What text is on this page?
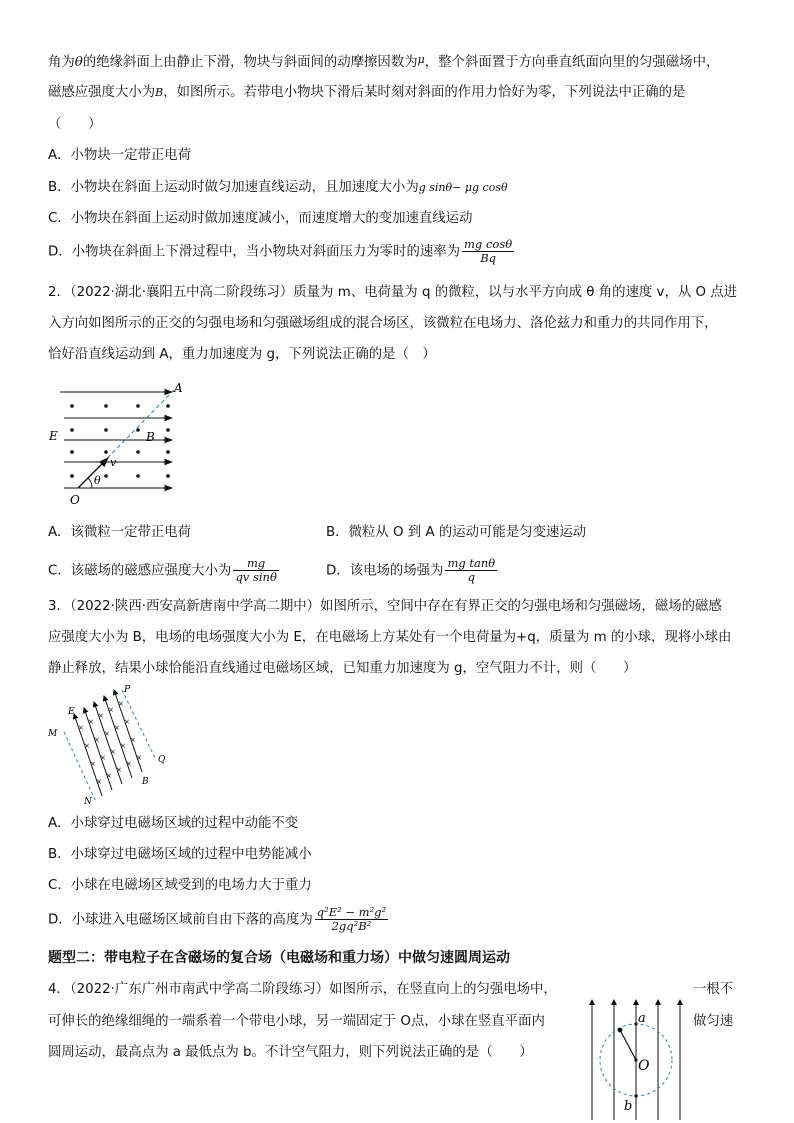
角为θ的绝缘斜面上由静止下滑，物块与斜面间的动摩擦因数为$^\mu$，整个斜面置于方向垂直纸面向里的匀强磁场中，
磁感应强度大小为B，如图所示。若带电小物块下滑后某时刻对斜面的作用力恰好为零，下列说法中正确的是
（　　）
A．小物块一定带正电荷
B．小物块在斜面上运动时做匀加速直线运动，且加速度大小为g sinθ− μg cosθ
C．小物块在斜面上运动时做加速度减小，而速度增大的变加速直线运动
D．小物块在斜面上下滑过程中，当小物块对斜面压力为零时的速率为 $\frac{\text{mg cosθ}}{Bq}$
2．（2022·湖北·襄阳五中高二阶段练习）质量为 m、电荷量为 q 的微粒，以与水平方向成 θ 角的速度 v，从 O 点进
入方向如图所示的正交的匀强电场和匀强磁场组成的混合场区，该微粒在电场力、洛伦兹力和重力的共同作用下，
恰好沿直线运动到 A，重力加速度为 g，下列说法正确的是（　）
A
E	B
v
θ
O
A．该微粒一定带正电荷	B．微粒从 O 到 A 的运动可能是匀变速运动
C．该磁场的磁感应强度大小为 $\frac{mg}{\text{qv sinθ}}$	D．该电场的场强为 $\frac{\text{mg tanθ}}{q}$
3．（2022·陕西·西安高新唐南中学高二期中）如图所示，空间中存在有界正交的匀强电场和匀强磁场，磁场的磁感
应强度大小为 B，电场的电场强度大小为 E，在电磁场上方某处有一个电荷量为+q，质量为 m 的小球，现将小球由
静止释放，结果小球恰能沿直线通过电磁场区域，已知重力加速度为 g，空气阻力不计，则（　　）
×
×
×
×
×
×
×
×
×
×
×
×
×
×
×
×
×
×
×
×
P
E
M
Q
B
N
A．小球穿过电磁场区域的过程中动能不变
B．小球穿过电磁场区域的过程中电势能减小
C．小球在电磁场区域受到的电场力大于重力
D．小球进入电磁场区域前自由下落的高度为 $\frac{\text{q²E² − m²g²}}{\text{2gq²B²}}$
题型二：带电粒子在含磁场的复合场（电磁场和重力场）中做匀速圆周运动
4．（2022·广东广州市南武中学高二阶段练习）如图所示，在竖直向上的匀强电场中，	一根不
可伸长的绝缘细绳的一端系着一个带电小球，另一端固定于 O点，小球在竖直平面内	做匀速
圆周运动，最高点为 a 最低点为 b。不计空气阻力，则下列说法正确的是（　　）
a
O
b
